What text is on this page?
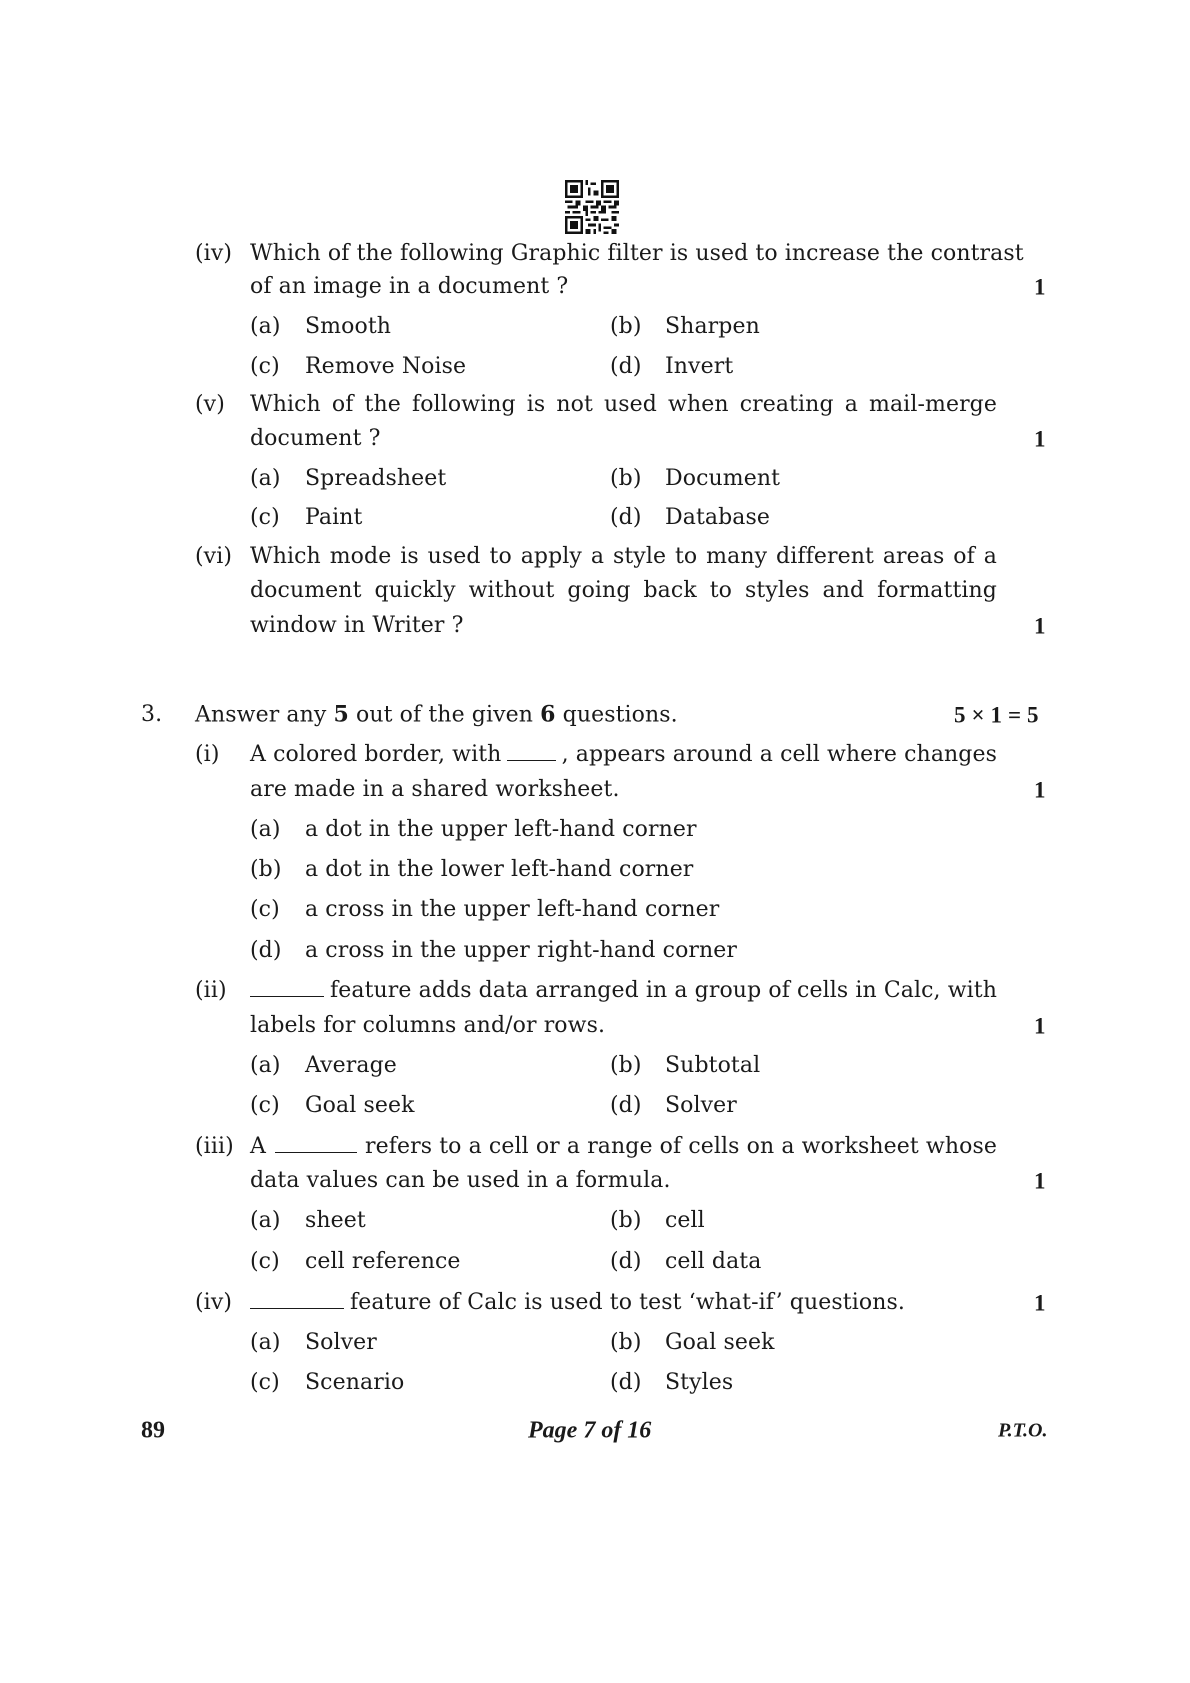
(iv) Which of the following Graphic filter is used to increase the contrast
of an image in a document ?	1
(a) Smooth	(b) Sharpen
(c) Remove Noise	(d) Invert
(v) Which of the following is not used when creating a mail-merge
document ?	1
(a) Spreadsheet	(b) Document
(c) Paint	(d) Database
(vi) Which mode is used to apply a style to many different areas of a
document quickly without going back to styles and formatting
window in Writer ?	1
3. Answer any 5 out of the given 6 questions.	5 × 1 = 5
(i) A colored border, with	, appears around a cell where changes
are made in a shared worksheet.	1
(a) a dot in the upper left-hand corner
(b) a dot in the lower left-hand corner
(c) a cross in the upper left-hand corner
(d) a cross in the upper right-hand corner
(ii)	feature adds data arranged in a group of cells in Calc, with
labels for columns and/or rows.	1
(a) Average	(b) Subtotal
(c) Goal seek	(d) Solver
(iii) A	refers to a cell or a range of cells on a worksheet whose
data values can be used in a formula.	1
(a) sheet	(b) cell
(c) cell reference	(d) cell data
(iv)	feature of Calc is used to test ‘what-if’ questions.	1
(a) Solver	(b) Goal seek
(c) Scenario	(d) Styles
89	Page 7 of 16	P.T.O.
